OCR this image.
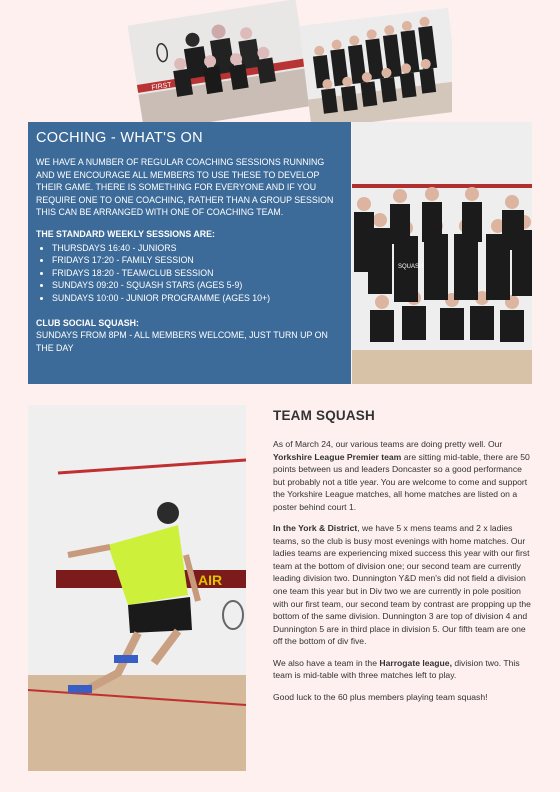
FIRST
COCHING - WHAT'S ON

WE HAVE A NUMBER OF REGULAR COACHING SESSIONS RUNNING AND WE ENCOURAGE ALL MEMBERS TO USE THESE TO DEVELOP THEIR GAME. THERE IS SOMETHING FOR EVERYONE AND IF YOU REQUIRE ONE TO ONE COACHING, RATHER THAN A GROUP SESSION THIS CAN BE ARRANGED WITH ONE OF COACHING TEAM.

THE STANDARD WEEKLY SESSIONS ARE:

• THURSDAYS 16:40 - JUNIORS
• FRIDAYS 17:20 - FAMILY SESSION
• FRIDAYS 18:20 - TEAM/CLUB SESSION
• SUNDAYS 09:20 - SQUASH STARS (AGES 5-9)
• SUNDAYS 10:00 - JUNIOR PROGRAMME (AGES 10+)

CLUB SOCIAL SQUASH:

SUNDAYS FROM 8PM - ALL MEMBERS WELCOME, JUST TURN UP ON THE DAY

SQUASH
AIR
TEAM SQUASH

As of March 24, our various teams are doing pretty well. Our Yorkshire League Premier team are sitting mid-table, there are 50 points between us and leaders Doncaster so a good performance but probably not a title year. You are welcome to come and support the Yorkshire League matches, all home matches are listed on a poster behind court 1.

In the York & District, we have 5 x mens teams and 2 x ladies teams, so the club is busy most evenings with home matches. Our ladies teams are experiencing mixed success this year with our first team at the bottom of division one; our second team are currently leading division two. Dunnington Y&D men's did not field a division one team this year but in Div two we are currently in pole position with our first team, our second team by contrast are propping up the bottom of the same division. Dunnington 3 are top of division 4 and Dunnington 5 are in third place in division 5. Our fifth team are one off the bottom of div five.

We also have a team in the Harrogate league, division two. This team is mid-table with three matches left to play.

Good luck to the 60 plus members playing team squash!
